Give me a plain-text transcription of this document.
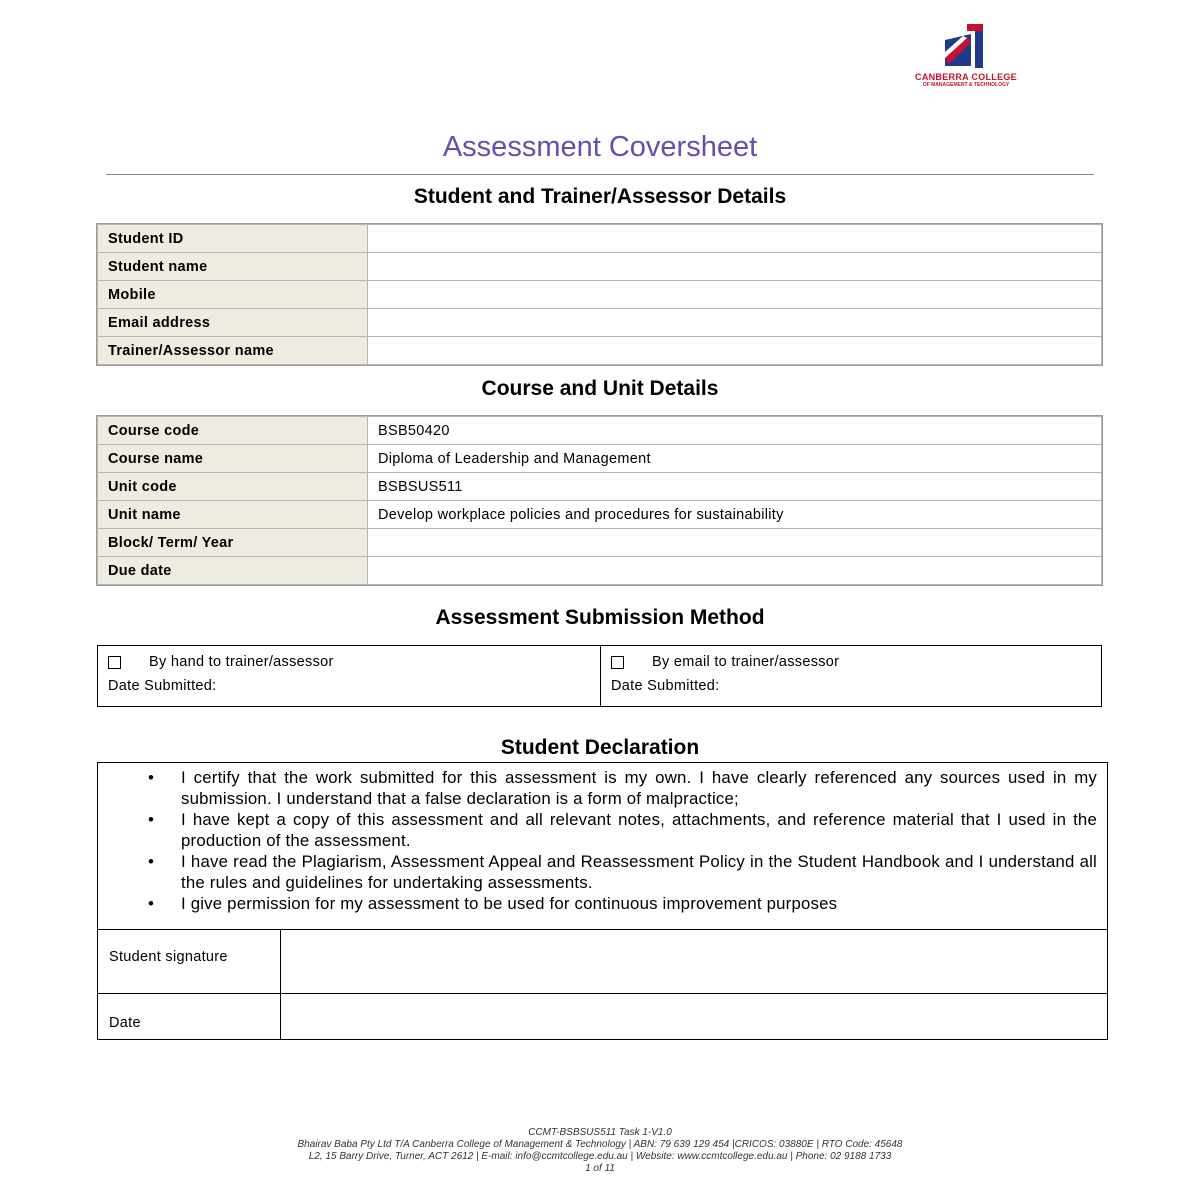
CANBERRA COLLEGE
OF MANAGEMENT & TECHNOLOGY
Assessment Coversheet
Student and Trainer/Assessor Details
Student ID	
Student name	
Mobile	
Email address	
Trainer/Assessor name	
Course and Unit Details
Course code	BSB50420
Course name	Diploma of Leadership and Management
Unit code	BSBSUS511
Unit name	Develop workplace policies and procedures for sustainability
Block/ Term/ Year	
Due date	
Assessment Submission Method
By hand to trainer/assessor
Date Submitted:

By email to trainer/assessor
Date Submitted:
Student Declaration
• I certify that the work submitted for this assessment is my own. I have clearly referenced any sources used in my submission. I understand that a false declaration is a form of malpractice;
• I have kept a copy of this assessment and all relevant notes, attachments, and reference material that I used in the production of the assessment.
• I have read the Plagiarism, Assessment Appeal and Reassessment Policy in the Student Handbook and I understand all the rules and guidelines for undertaking assessments.
• I give permission for my assessment to be used for continuous improvement purposes
Student signature
Date
CCMT-BSBSUS511 Task 1-V1.0
Bhairav Baba Pty Ltd T/A Canberra College of Management & Technology | ABN: 79 639 129 454 |CRICOS: 03880E | RTO Code: 45648
L2, 15 Barry Drive, Turner, ACT 2612 | E-mail: info@ccmtcollege.edu.au | Website: www.ccmtcollege.edu.au | Phone: 02 9188 1733
1 of 11
